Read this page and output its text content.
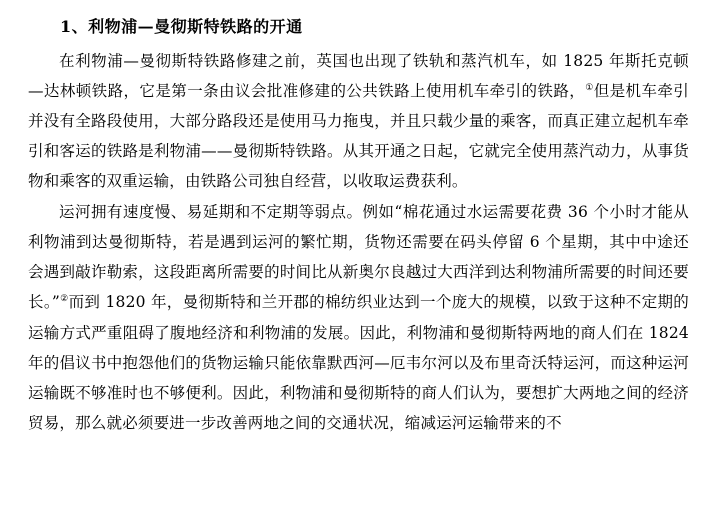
1、利物浦—曼彻斯特铁路的开通

在利物浦—曼彻斯特铁路修建之前，英国也出现了铁轨和蒸汽机车，如 1825 年斯托克顿—达林顿铁路，它是第一条由议会批准修建的公共铁路上使用机车牵引的铁路，①但是机车牵引并没有全路段使用，大部分路段还是使用马力拖曳，并且只载少量的乘客，而真正建立起机车牵引和客运的铁路是利物浦——曼彻斯特铁路。从其开通之日起，它就完全使用蒸汽动力，从事货物和乘客的双重运输，由铁路公司独自经营，以收取运费获利。

运河拥有速度慢、易延期和不定期等弱点。例如“棉花通过水运需要花费 36 个小时才能从利物浦到达曼彻斯特，若是遇到运河的繁忙期，货物还需要在码头停留 6 个星期，其中中途还会遇到敲诈勒索，这段距离所需要的时间比从新奥尔良越过大西洋到达利物浦所需要的时间还要长。”②而到 1820 年，曼彻斯特和兰开郡的棉纺织业达到一个庞大的规模，以致于这种不定期的运输方式严重阻碍了腹地经济和利物浦的发展。因此，利物浦和曼彻斯特两地的商人们在 1824 年的倡议书中抱怨他们的货物运输只能依靠默西河—厄韦尔河以及布里奇沃特运河，而这种运河运输既不够准时也不够便利。因此，利物浦和曼彻斯特的商人们认为，要想扩大两地之间的经济贸易，那么就必须要进一步改善两地之间的交通状况，缩减运河运输带来的不
